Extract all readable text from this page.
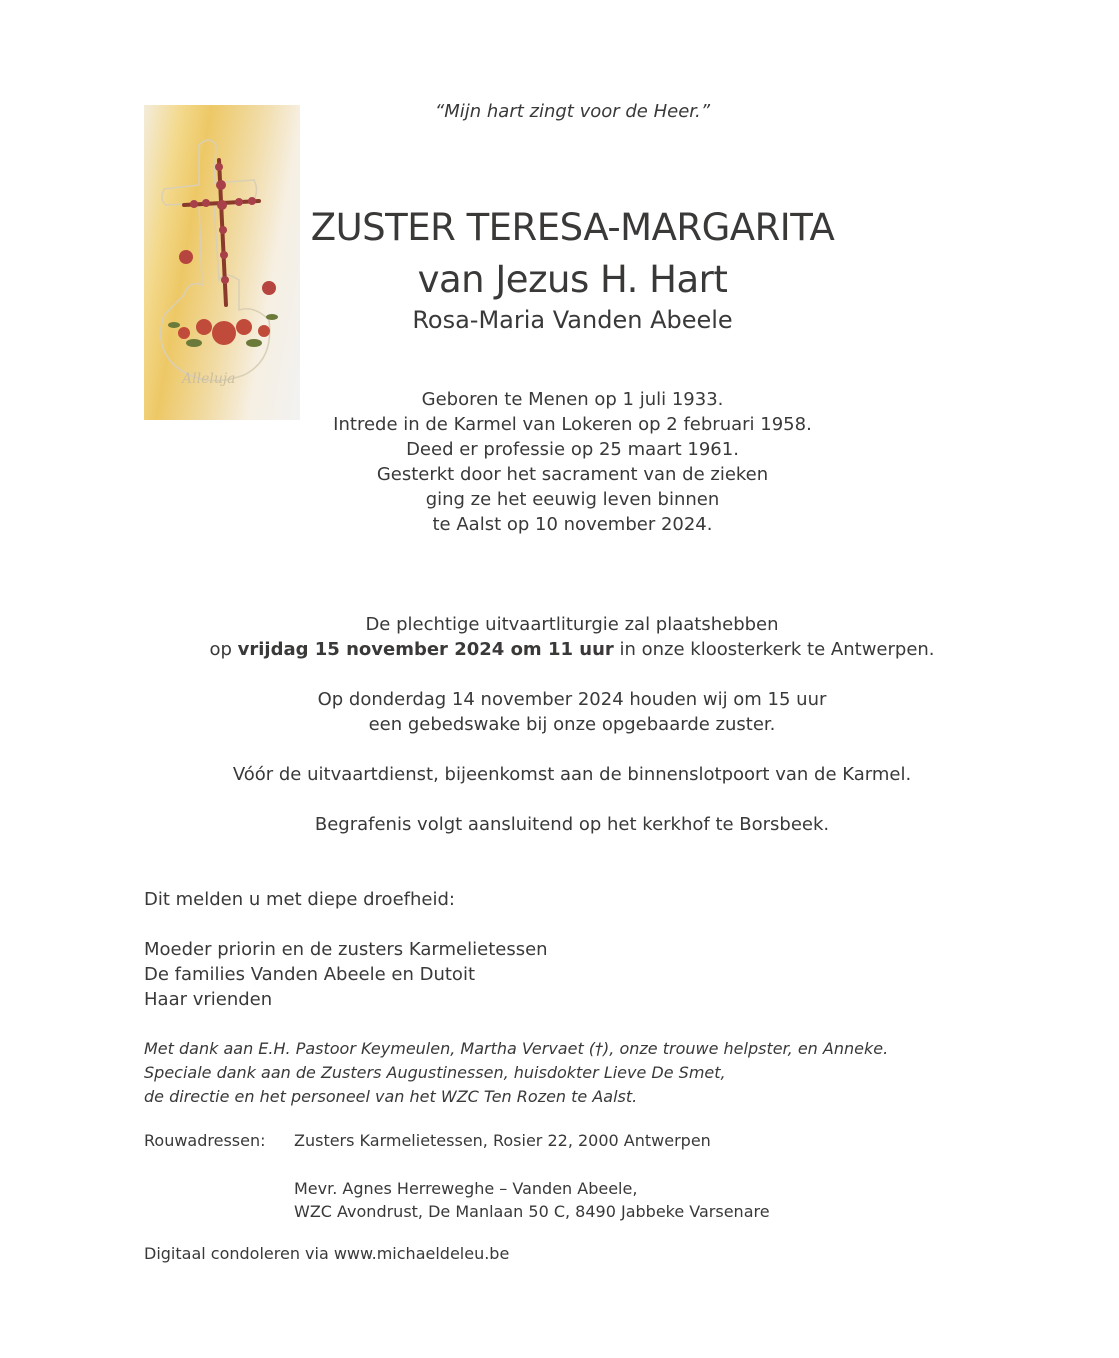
Alleluja

“Mijn hart zingt voor de Heer.”

ZUSTER TERESA-MARGARITA

van Jezus H. Hart

Rosa-Maria Vanden Abeele

Geboren te Menen op 1 juli 1933.

Intrede in de Karmel van Lokeren op 2 februari 1958.

Deed er professie op 25 maart 1961.

Gesterkt door het sacrament van de zieken

ging ze het eeuwig leven binnen

te Aalst op 10 november 2024.

De plechtige uitvaartliturgie zal plaatshebben

op vrijdag 15 november 2024 om 11 uur in onze kloosterkerk te Antwerpen.

Op donderdag 14 november 2024 houden wij om 15 uur

een gebedswake bij onze opgebaarde zuster.

Vóór de uitvaartdienst, bijeenkomst aan de binnenslotpoort van de Karmel.

Begrafenis volgt aansluitend op het kerkhof te Borsbeek.

Dit melden u met diepe droefheid:

Moeder priorin en de zusters Karmelietessen

De families Vanden Abeele en Dutoit

Haar vrienden

Met dank aan E.H. Pastoor Keymeulen, Martha Vervaet (†), onze trouwe helpster, en Anneke.

Speciale dank aan de Zusters Augustinessen, huisdokter Lieve De Smet,

de directie en het personeel van het WZC Ten Rozen te Aalst.

Rouwadressen: Zusters Karmelietessen, Rosier 22, 2000 Antwerpen

Mevr. Agnes Herreweghe – Vanden Abeele,

WZC Avondrust, De Manlaan 50 C, 8490 Jabbeke Varsenare

Digitaal condoleren via www.michaeldeleu.be
